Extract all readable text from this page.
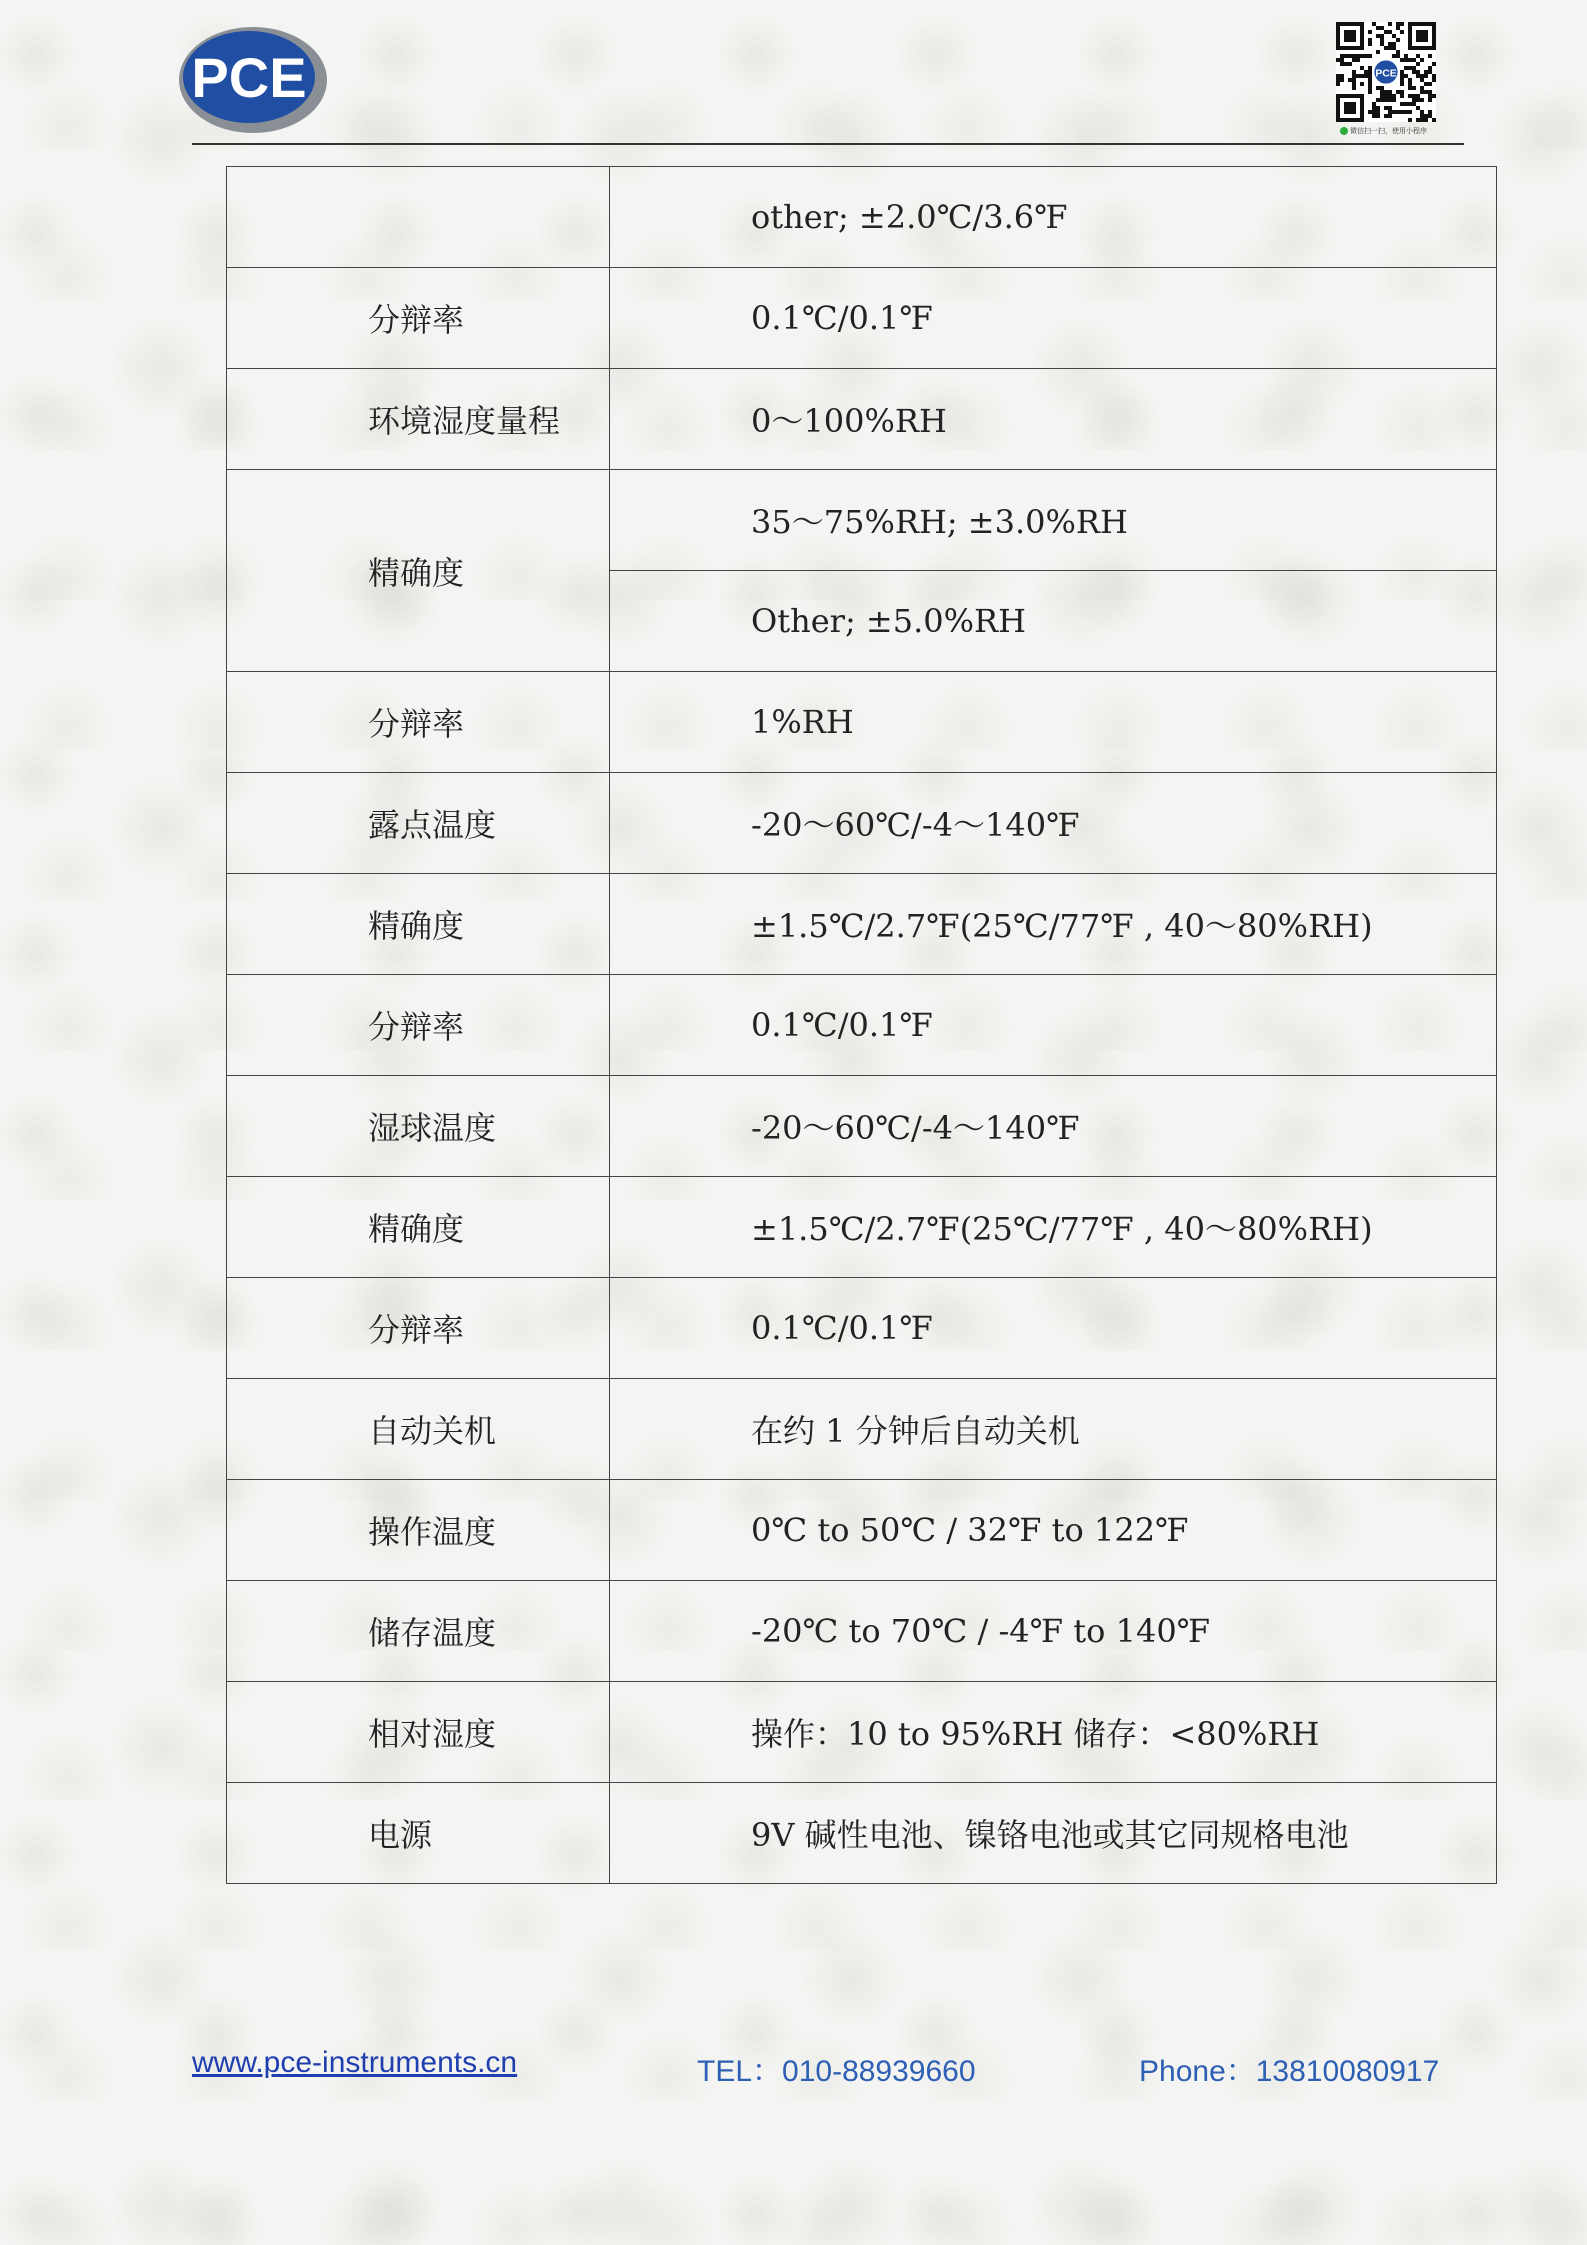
PCE	PCE
微信扫一扫，使用小程序
	other; ±2.0℃/3.6℉
分辩率	0.1℃/0.1℉
环境湿度量程	0～100%RH
精确度	35～75%RH; ±3.0%RH
	Other; ±5.0%RH
分辩率	1%RH
露点温度	-20～60℃/-4～140℉
精确度	±1.5℃/2.7℉(25℃/77℉ , 40～80%RH)
分辩率	0.1℃/0.1℉
湿球温度	-20～60℃/-4～140℉
精确度	±1.5℃/2.7℉(25℃/77℉ , 40～80%RH)
分辩率	0.1℃/0.1℉
自动关机	在约 1 分钟后自动关机
操作温度	0℃ to 50℃ / 32℉ to 122℉
储存温度	-20℃ to 70℃ / -4℉ to 140℉
相对湿度	操作：10 to 95%RH 储存：<80%RH
电源	9V 碱性电池、镍铬电池或其它同规格电池
www.pce-instruments.cn	TEL：010-88939660	Phone：13810080917
